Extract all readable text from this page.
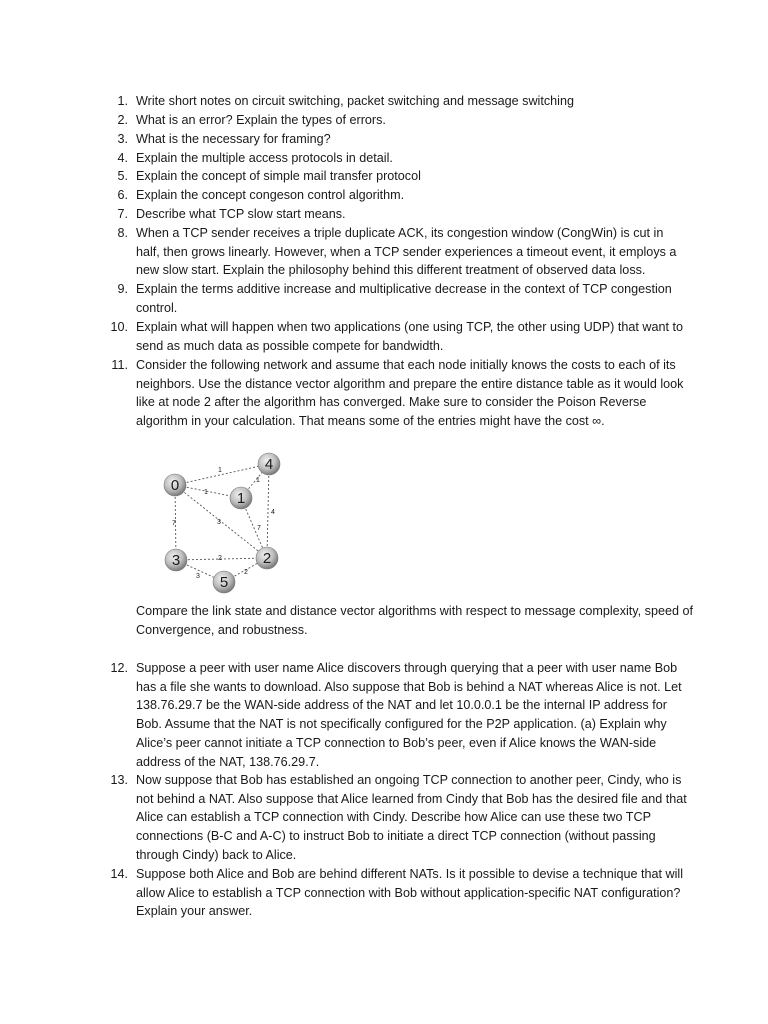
1. Write short notes on circuit switching, packet switching and message switching
2. What is an error? Explain the types of errors.
3. What is the necessary for framing?
4. Explain the multiple access protocols in detail.
5. Explain the concept of simple mail transfer protocol
6. Explain the concept congeson control algorithm.
7. Describe what TCP slow start means.
8. When a TCP sender receives a triple duplicate ACK, its congestion window (CongWin) is cut in half, then grows linearly. However, when a TCP sender experiences a timeout event, it employs a new slow start. Explain the philosophy behind this different treatment of observed data loss.
9. Explain the terms additive increase and multiplicative decrease in the context of TCP congestion control.
10. Explain what will happen when two applications (one using TCP, the other using UDP) that want to send as much data as possible compete for bandwidth.
11. Consider the following network and assume that each node initially knows the costs to each of its neighbors. Use the distance vector algorithm and prepare the entire distance table as it would look like at node 2 after the algorithm has converged. Make sure to consider the Poison Reverse algorithm in your calculation. That means some of the entries might have the cost ∞.
1
1
3
7
1
7
4
2
3
2
0
1
2
3
4
5
Compare the link state and distance vector algorithms with respect to message complexity, speed of Convergence, and robustness.
12. Suppose a peer with user name Alice discovers through querying that a peer with user name Bob has a file she wants to download. Also suppose that Bob is behind a NAT whereas Alice is not. Let 138.76.29.7 be the WAN-side address of the NAT and let 10.0.0.1 be the internal IP address for Bob. Assume that the NAT is not specifically configured for the P2P application. (a) Explain why Alice’s peer cannot initiate a TCP connection to Bob’s peer, even if Alice knows the WAN-side address of the NAT, 138.76.29.7.
13. Now suppose that Bob has established an ongoing TCP connection to another peer, Cindy, who is not behind a NAT. Also suppose that Alice learned from Cindy that Bob has the desired file and that Alice can establish a TCP connection with Cindy. Describe how Alice can use these two TCP connections (B-C and A-C) to instruct Bob to initiate a direct TCP connection (without passing through Cindy) back to Alice.
14. Suppose both Alice and Bob are behind different NATs. Is it possible to devise a technique that will allow Alice to establish a TCP connection with Bob without application-specific NAT configuration? Explain your answer.
